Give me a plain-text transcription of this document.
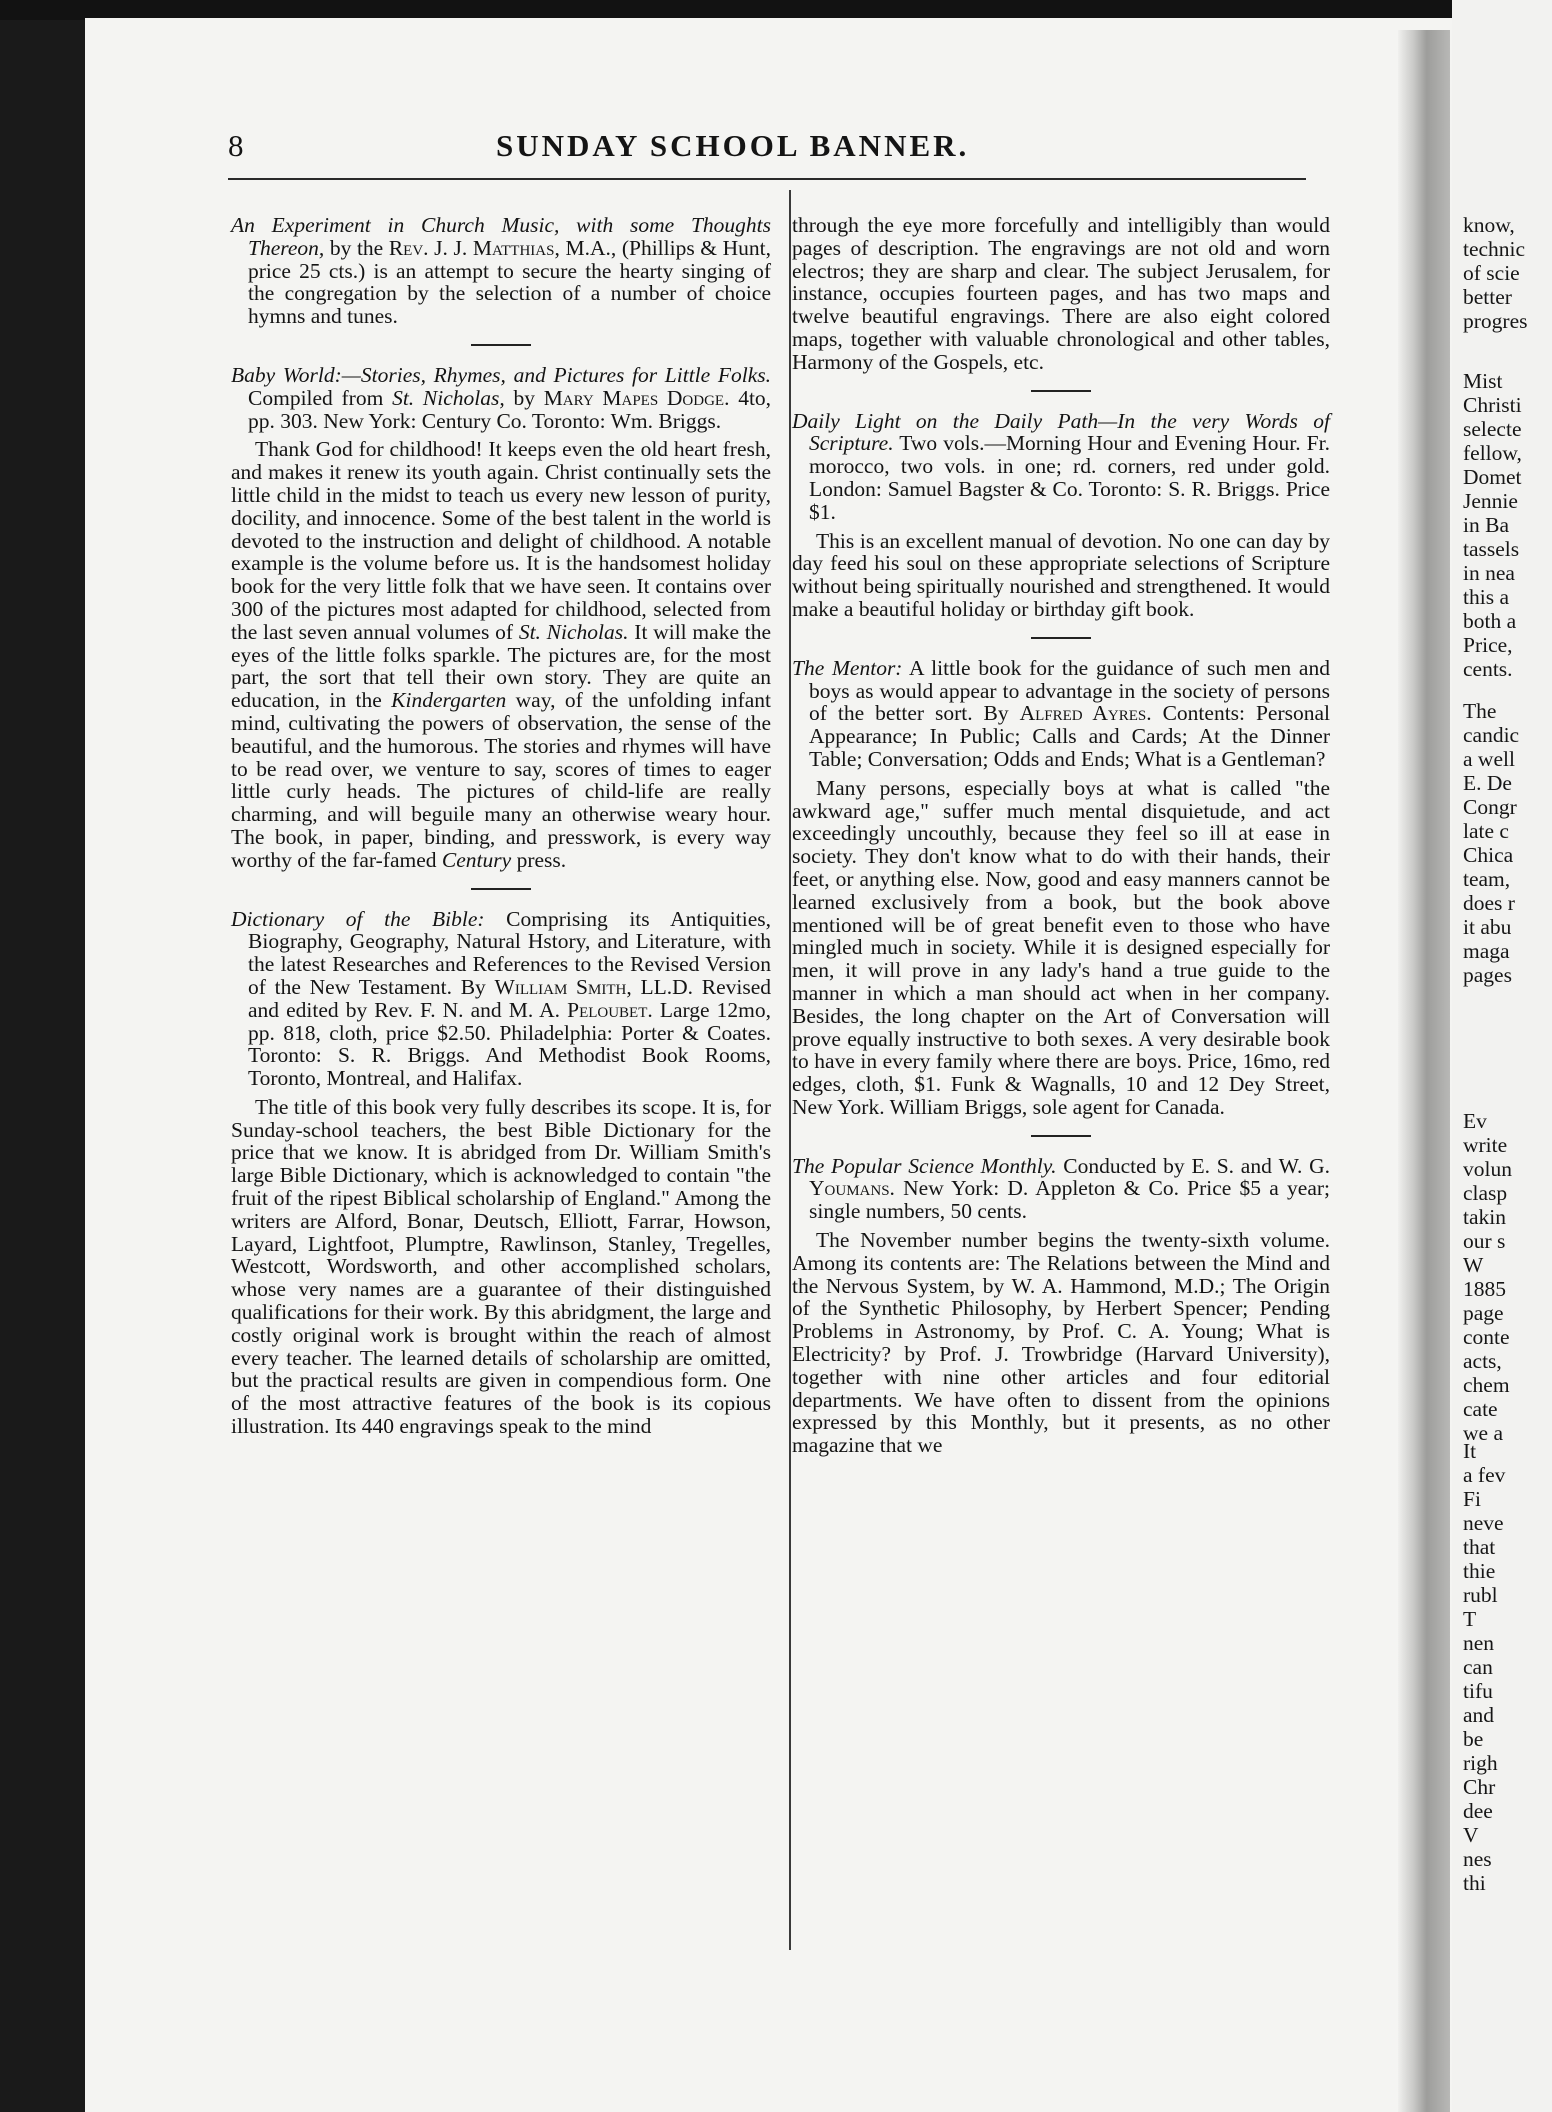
8	SUNDAY SCHOOL BANNER.

An Experiment in Church Music, with some Thoughts Thereon, by the Rev. J. J. Matthias, M.A., (Phillips & Hunt, price 25 cts.) is an attempt to secure the hearty singing of the congregation by the selection of a number of choice hymns and tunes.

Baby World:—Stories, Rhymes, and Pictures for Little Folks. Compiled from St. Nicholas, by Mary Mapes Dodge. 4to, pp. 303. New York: Century Co. Toronto: Wm. Briggs.

Thank God for childhood! It keeps even the old heart fresh, and makes it renew its youth again. Christ continually sets the little child in the midst to teach us every new lesson of purity, docility, and innocence. Some of the best talent in the world is devoted to the instruction and delight of childhood. A notable example is the volume before us. It is the handsomest holiday book for the very little folk that we have seen. It contains over 300 of the pictures most adapted for childhood, selected from the last seven annual volumes of St. Nicholas. It will make the eyes of the little folks sparkle. The pictures are, for the most part, the sort that tell their own story. They are quite an education, in the Kindergarten way, of the unfolding infant mind, cultivating the powers of observation, the sense of the beautiful, and the humorous. The stories and rhymes will have to be read over, we venture to say, scores of times to eager little curly heads. The pictures of child-life are really charming, and will beguile many an otherwise weary hour. The book, in paper, binding, and presswork, is every way worthy of the far-famed Century press.

Dictionary of the Bible: Comprising its Antiquities, Biography, Geography, Natural Hstory, and Literature, with the latest Researches and References to the Revised Version of the New Testament. By William Smith, LL.D. Revised and edited by Rev. F. N. and M. A. Peloubet. Large 12mo, pp. 818, cloth, price $2.50. Philadelphia: Porter & Coates. Toronto: S. R. Briggs. And Methodist Book Rooms, Toronto, Montreal, and Halifax.

The title of this book very fully describes its scope. It is, for Sunday-school teachers, the best Bible Dictionary for the price that we know. It is abridged from Dr. William Smith's large Bible Dictionary, which is acknowledged to contain "the fruit of the ripest Biblical scholarship of England." Among the writers are Alford, Bonar, Deutsch, Elliott, Farrar, Howson, Layard, Lightfoot, Plumptre, Rawlinson, Stanley, Tregelles, Westcott, Wordsworth, and other accomplished scholars, whose very names are a guarantee of their distinguished qualifications for their work. By this abridgment, the large and costly original work is brought within the reach of almost every teacher. The learned details of scholarship are omitted, but the practical results are given in compendious form. One of the most attractive features of the book is its copious illustration. Its 440 engravings speak to the mind

through the eye more forcefully and intelligibly than would pages of description. The engravings are not old and worn electros; they are sharp and clear. The subject Jerusalem, for instance, occupies fourteen pages, and has two maps and twelve beautiful engravings. There are also eight colored maps, together with valuable chronological and other tables, Harmony of the Gospels, etc.

Daily Light on the Daily Path—In the very Words of Scripture. Two vols.—Morning Hour and Evening Hour. Fr. morocco, two vols. in one; rd. corners, red under gold. London: Samuel Bagster & Co. Toronto: S. R. Briggs. Price $1.

This is an excellent manual of devotion. No one can day by day feed his soul on these appropriate selections of Scripture without being spiritually nourished and strengthened. It would make a beautiful holiday or birthday gift book.

The Mentor: A little book for the guidance of such men and boys as would appear to advantage in the society of persons of the better sort. By Alfred Ayres. Contents: Personal Appearance; In Public; Calls and Cards; At the Dinner Table; Conversation; Odds and Ends; What is a Gentleman?

Many persons, especially boys at what is called "the awkward age," suffer much mental disquietude, and act exceedingly uncouthly, because they feel so ill at ease in society. They don't know what to do with their hands, their feet, or anything else. Now, good and easy manners cannot be learned exclusively from a book, but the book above mentioned will be of great benefit even to those who have mingled much in society. While it is designed especially for men, it will prove in any lady's hand a true guide to the manner in which a man should act when in her company. Besides, the long chapter on the Art of Conversation will prove equally instructive to both sexes. A very desirable book to have in every family where there are boys. Price, 16mo, red edges, cloth, $1. Funk & Wagnalls, 10 and 12 Dey Street, New York. William Briggs, sole agent for Canada.

The Popular Science Monthly. Conducted by E. S. and W. G. Youmans. New York: D. Appleton & Co. Price $5 a year; single numbers, 50 cents.

The November number begins the twenty-sixth volume. Among its contents are: The Relations between the Mind and the Nervous System, by W. A. Hammond, M.D.; The Origin of the Synthetic Philosophy, by Herbert Spencer; Pending Problems in Astronomy, by Prof. C. A. Young; What is Electricity? by Prof. J. Trowbridge (Harvard University), together with nine other articles and four editorial departments. We have often to dissent from the opinions expressed by this Monthly, but it presents, as no other magazine that we

know,
technic
of scie
better
progres
Mist
Christi
selecte
fellow,
Domet
Jennie
in Ba
tassels
in nea
this a
both a
Price,
cents.
The
candic
a well
E. De
Congr
late c
Chica
team,
does r
it abu
maga
pages
Ev
write
volun
clasp
takin
our s
W
1885
page
conte
acts,
chem
cate
we a
It
a fev
Fi
neve
that
thie
rubl
T
nen
can
tifu
and
be
righ
Chr
dee
V
nes
thi
